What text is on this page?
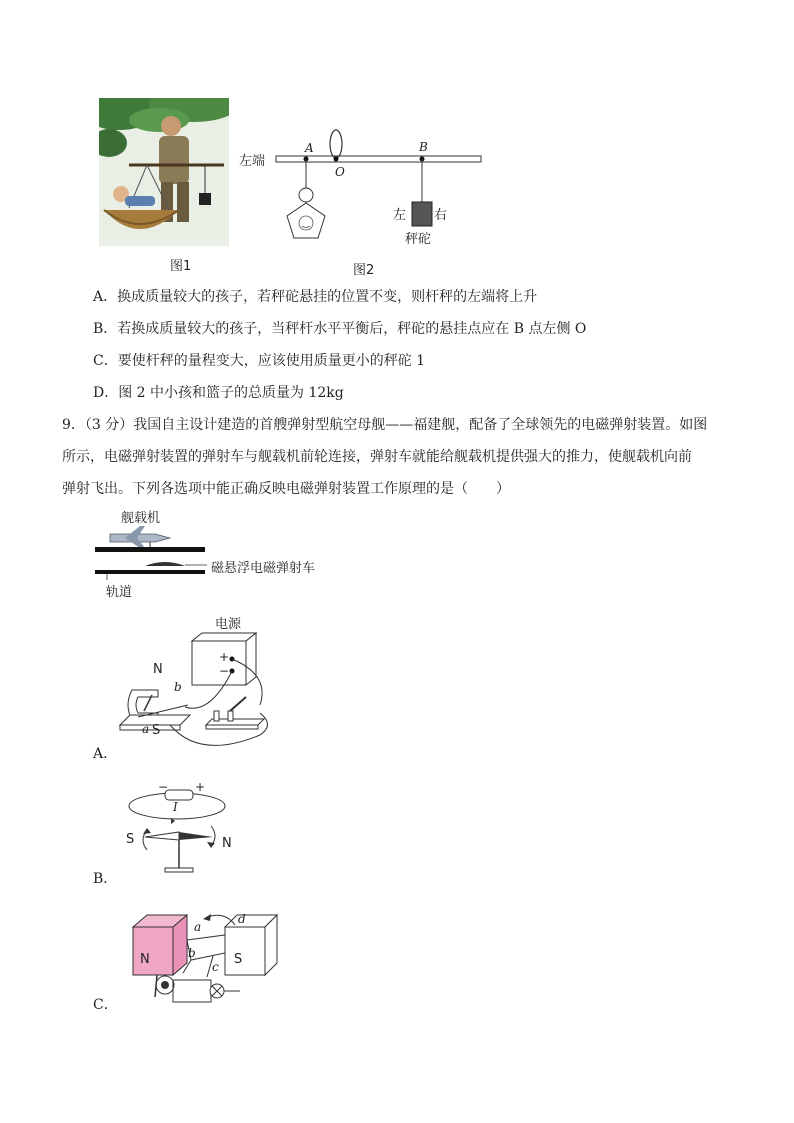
图1
左端
A
O
B
左 右
秤砣
图2
A．换成质量较大的孩子，若秤砣悬挂的位置不变，则杆秤的左端将上升
B．若换成质量较大的孩子，当秤杆水平平衡后，秤砣的悬挂点应在 B 点左侧 O
C．要使杆秤的量程变大，应该使用质量更小的秤砣 1
D．图 2 中小孩和篮子的总质量为 12kg
9．（3 分）我国自主设计建造的首艘弹射型航空母舰——福建舰，配备了全球领先的电磁弹射装置。如图
所示，电磁弹射装置的弹射车与舰载机前轮连接，弹射车就能给舰载机提供强大的推力，使舰载机向前
弹射飞出。下列各选项中能正确反映电磁弹射装置工作原理的是（　　）
舰载机
磁悬浮电磁弹射车
轨道
电源
+
−
N
b
a S
A．
− +
I
S	N
B．
N	S
a
b
c
d
C．
